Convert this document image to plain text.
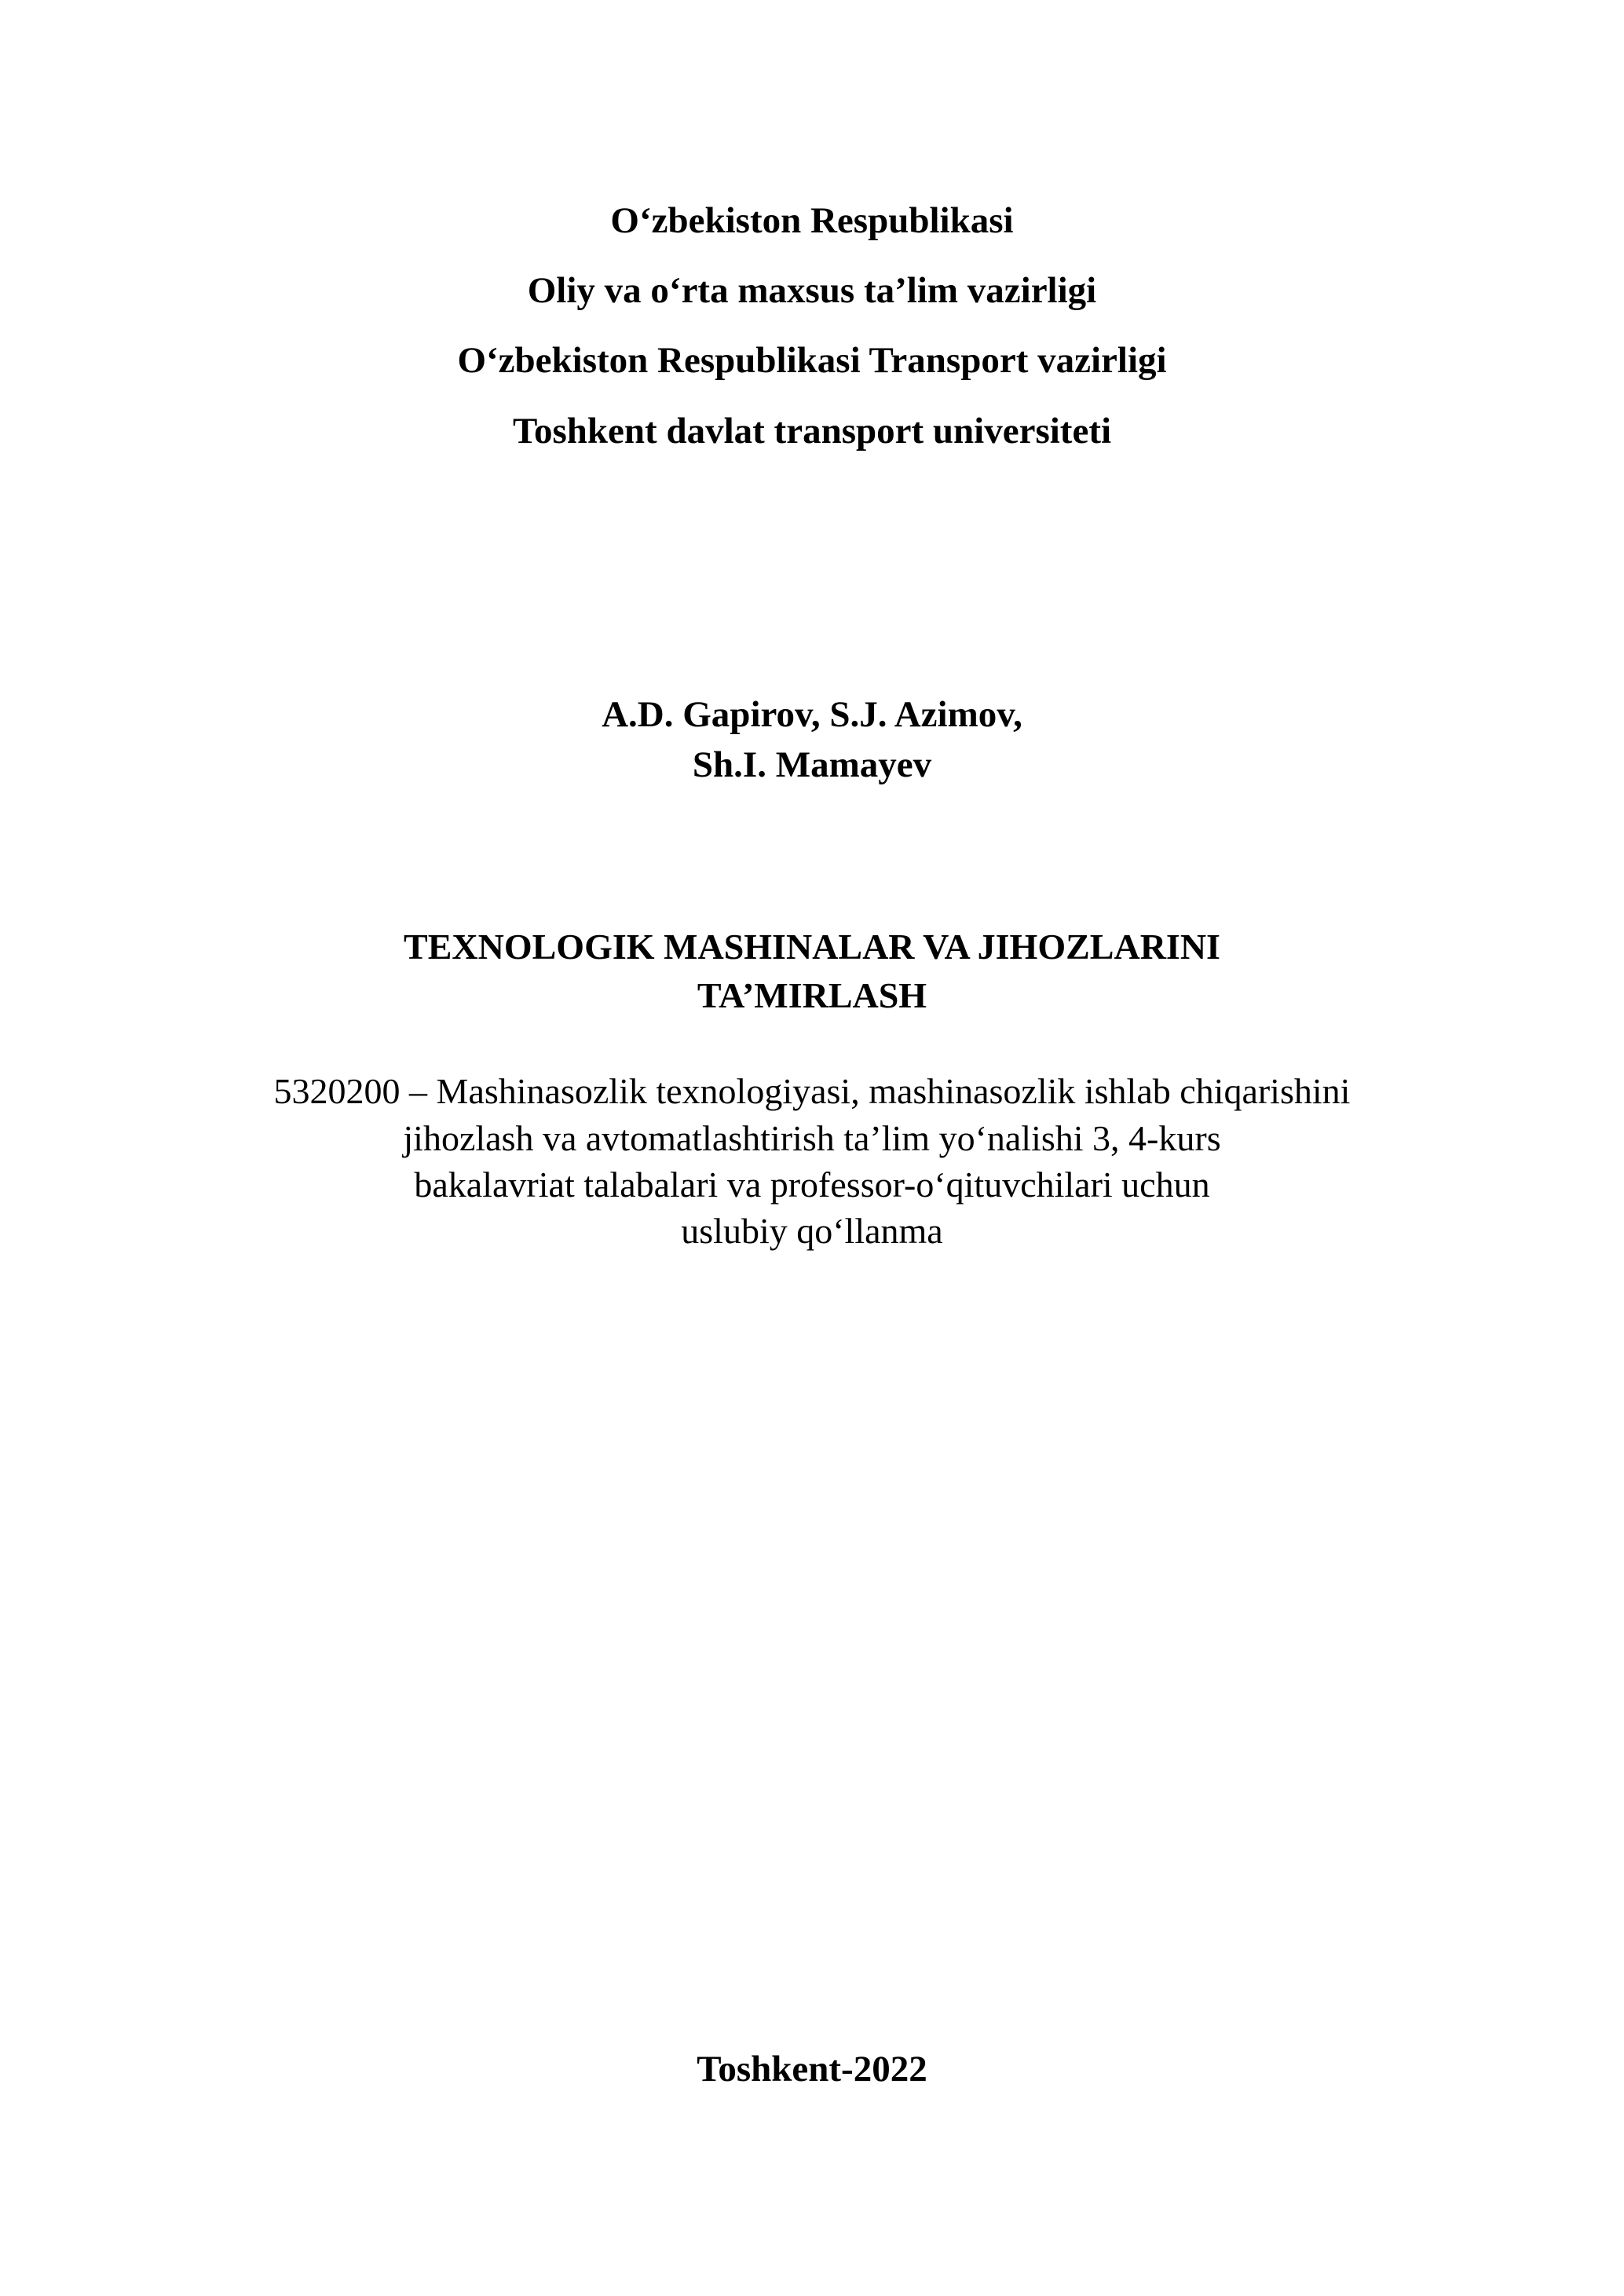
O‘zbekiston Respublikasi
Oliy va o‘rta maxsus ta’lim vazirligi
O‘zbekiston Respublikasi Transport vazirligi
Toshkent davlat transport universiteti
A.D. Gapirov, S.J. Azimov,
Sh.I. Mamayev
TEXNOLOGIK MASHINALAR VA JIHOZLARINI
TA’MIRLASH
5320200 – Mashinasozlik texnologiyasi, mashinasozlik ishlab chiqarishini
jihozlash va avtomatlashtirish ta’lim yo‘nalishi 3, 4-kurs
bakalavriat talabalari va professor-o‘qituvchilari uchun
uslubiy qo‘llanma
Toshkent-2022
